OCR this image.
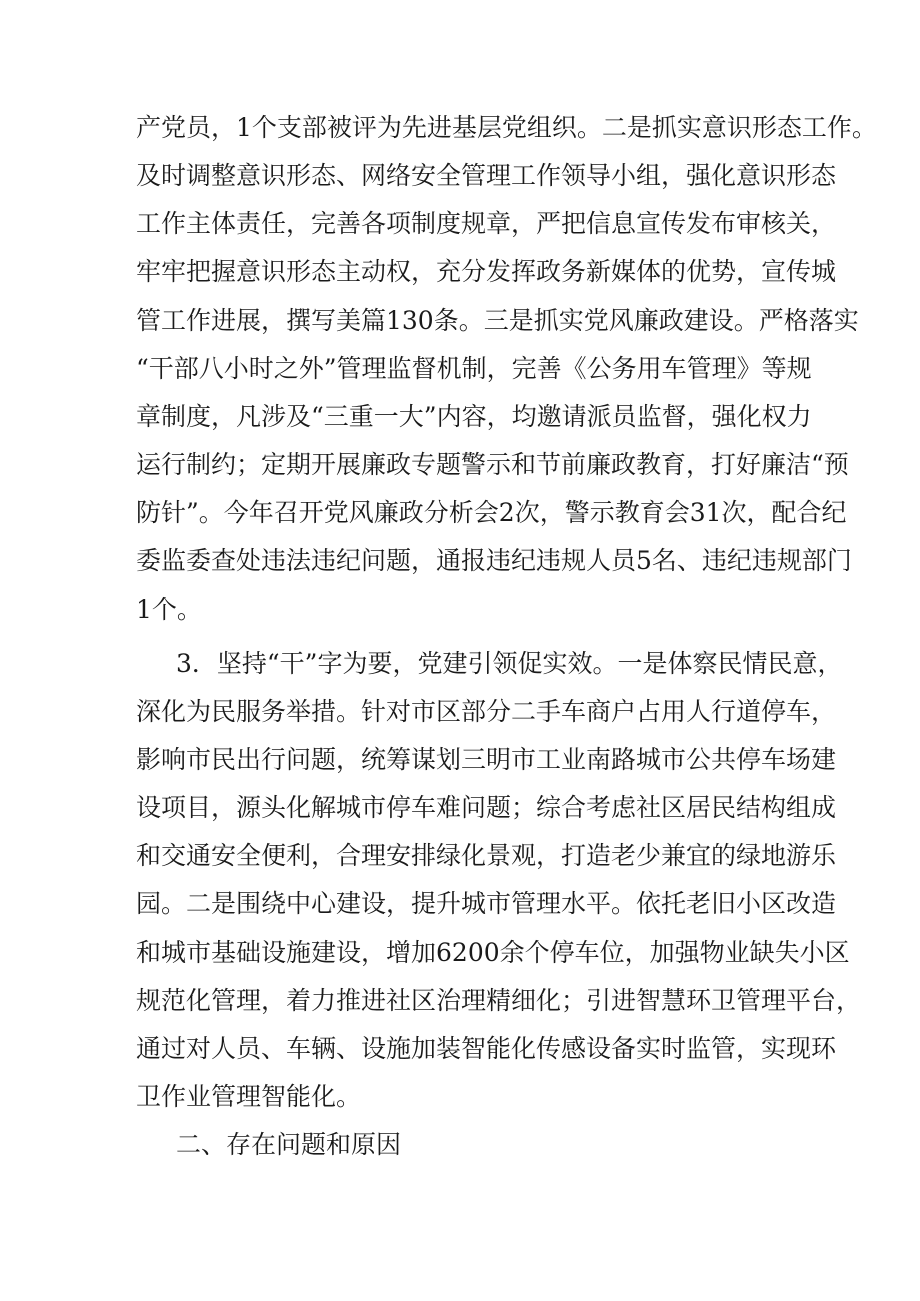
产党员，1个支部被评为先进基层党组织。二是抓实意识形态工作。
及时调整意识形态、网络安全管理工作领导小组，强化意识形态
工作主体责任，完善各项制度规章，严把信息宣传发布审核关，
牢牢把握意识形态主动权，充分发挥政务新媒体的优势，宣传城
管工作进展，撰写美篇130条。三是抓实党风廉政建设。严格落实
“干部八小时之外”管理监督机制，完善《公务用车管理》等规
章制度，凡涉及“三重一大”内容，均邀请派员监督，强化权力
运行制约；定期开展廉政专题警示和节前廉政教育，打好廉洁“预
防针”。今年召开党风廉政分析会2次，警示教育会31次，配合纪
委监委查处违法违纪问题，通报违纪违规人员5名、违纪违规部门
1个。
3．坚持“干”字为要，党建引领促实效。一是体察民情民意，
深化为民服务举措。针对市区部分二手车商户占用人行道停车，
影响市民出行问题，统筹谋划三明市工业南路城市公共停车场建
设项目，源头化解城市停车难问题；综合考虑社区居民结构组成
和交通安全便利，合理安排绿化景观，打造老少兼宜的绿地游乐
园。二是围绕中心建设，提升城市管理水平。依托老旧小区改造
和城市基础设施建设，增加6200余个停车位，加强物业缺失小区
规范化管理，着力推进社区治理精细化；引进智慧环卫管理平台，
通过对人员、车辆、设施加装智能化传感设备实时监管，实现环
卫作业管理智能化。
二、存在问题和原因
